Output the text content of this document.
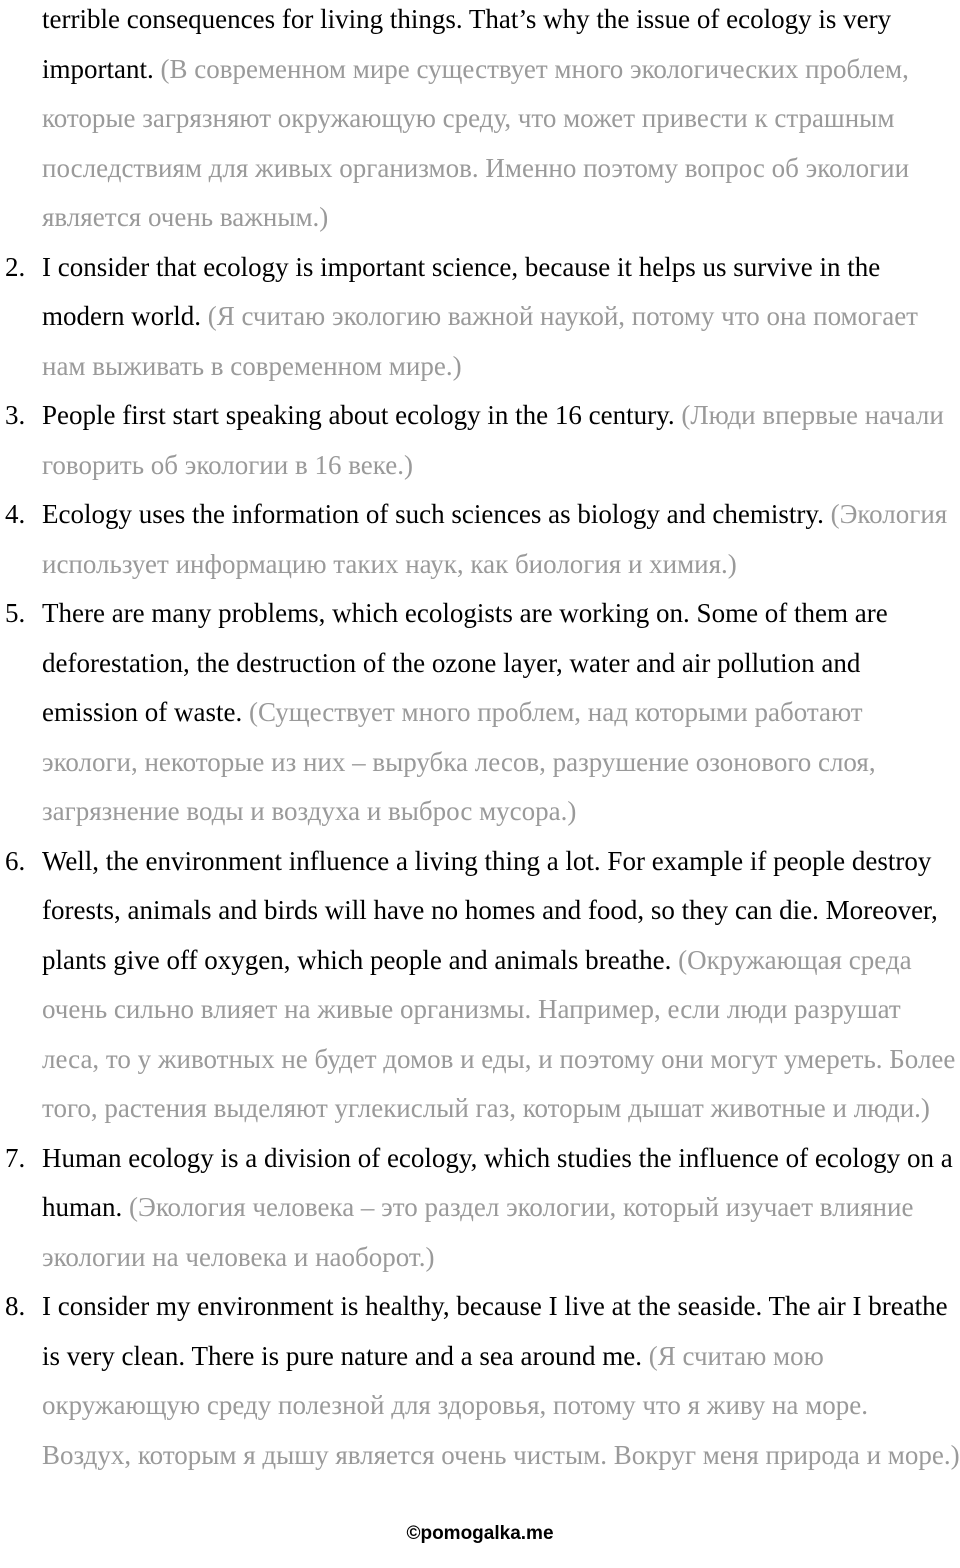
terrible consequences for living things. That’s why the issue of ecology is very important. (В современном мире существует много экологических проблем, которые загрязняют окружающую среду, что может привести к страшным последствиям для живых организмов. Именно поэтому вопрос об экологии является очень важным.)

2. I consider that ecology is important science, because it helps us survive in the modern world. (Я считаю экологию важной наукой, потому что она помогает нам выживать в современном мире.)

3. People first start speaking about ecology in the 16 century. (Люди впервые начали говорить об экологии в 16 веке.)

4. Ecology uses the information of such sciences as biology and chemistry. (Экология использует информацию таких наук, как биология и химия.)

5. There are many problems, which ecologists are working on. Some of them are deforestation, the destruction of the ozone layer, water and air pollution and emission of waste. (Существует много проблем, над которыми работают экологи, некоторые из них – вырубка лесов, разрушение озонового слоя, загрязнение воды и воздуха и выброс мусора.)

6. Well, the environment influence a living thing a lot. For example if people destroy forests, animals and birds will have no homes and food, so they can die. Moreover, plants give off oxygen, which people and animals breathe. (Окружающая среда очень сильно влияет на живые организмы. Например, если люди разрушат леса, то у животных не будет домов и еды, и поэтому они могут умереть. Более того, растения выделяют углекислый газ, которым дышат животные и люди.)

7. Human ecology is a division of ecology, which studies the influence of ecology on a human. (Экология человека – это раздел экологии, который изучает влияние экологии на человека и наоборот.)

8. I consider my environment is healthy, because I live at the seaside. The air I breathe is very clean. There is pure nature and a sea around me. (Я считаю мою окружающую среду полезной для здоровья, потому что я живу на море. Воздух, которым я дышу является очень чистым. Вокруг меня природа и море.)

©pomogalka.me
